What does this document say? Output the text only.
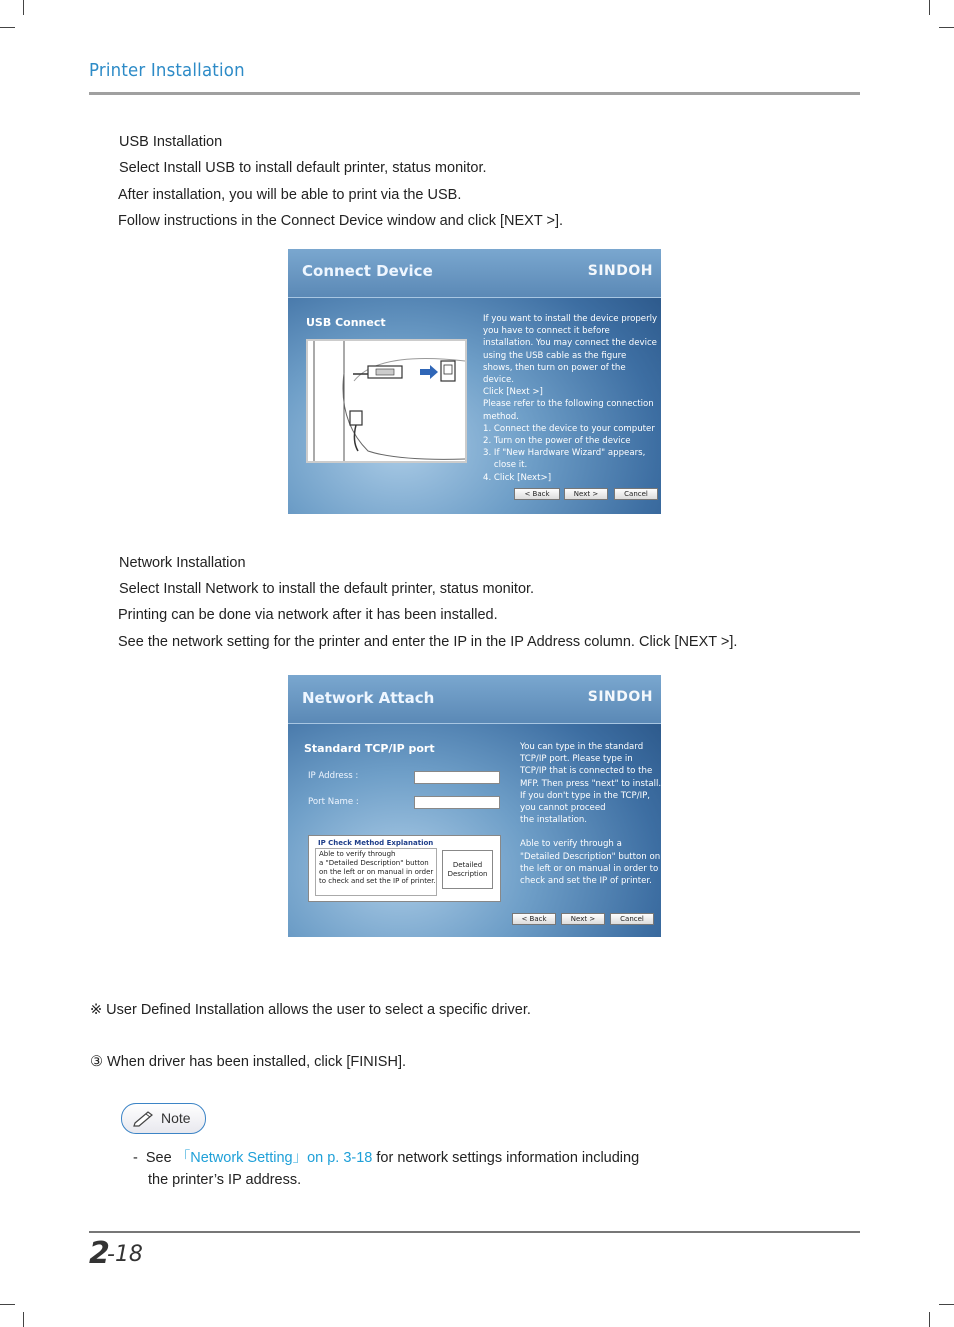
Printer Installation
USB Installation
Select Install USB to install default printer, status monitor.
After installation, you will be able to print via the USB.
Follow instructions in the Connect Device window and click [NEXT >].
Connect Device	SINDOH
USB Connect	If you want to install the device properly
you have to connect it before
installation. You may connect the device
using the USB cable as the figure
shows, then turn on power of the
device.
Click [Next >]
Please refer to the following connection
method.
1. Connect the device to your computer
2. Turn on the power of the device
3. If "New Hardware Wizard" appears,
close it.
4. Click [Next>]
< Back	Next >	Cancel
Network Installation
Select Install Network to install the default printer, status monitor.
Printing can be done via network after it has been installed.
See the network setting for the printer and enter the IP in the IP Address column. Click [NEXT >].
Network Attach	SINDOH
Standard TCP/IP port
IP Address :
Port Name :
IP Check Method Explanation
Able to verify through
a "Detailed Description" button
on the left or on manual in order
to check and set the IP of printer.
Detailed
Description
You can type in the standard
TCP/IP port. Please type in
TCP/IP that is connected to the
MFP. Then press "next" to install.
If you don't type in the TCP/IP,
you cannot proceed
the installation.
Able to verify through a
"Detailed Description" button on
the left or on manual in order to
check and set the IP of printer.
< Back	Next >	Cancel
※ User Defined Installation allows the user to select a specific driver.
③ When driver has been installed, click [FINISH].
Note
-  See 「Network Setting」on p. 3-18 for network settings information including
the printer’s IP address.
2
-18
